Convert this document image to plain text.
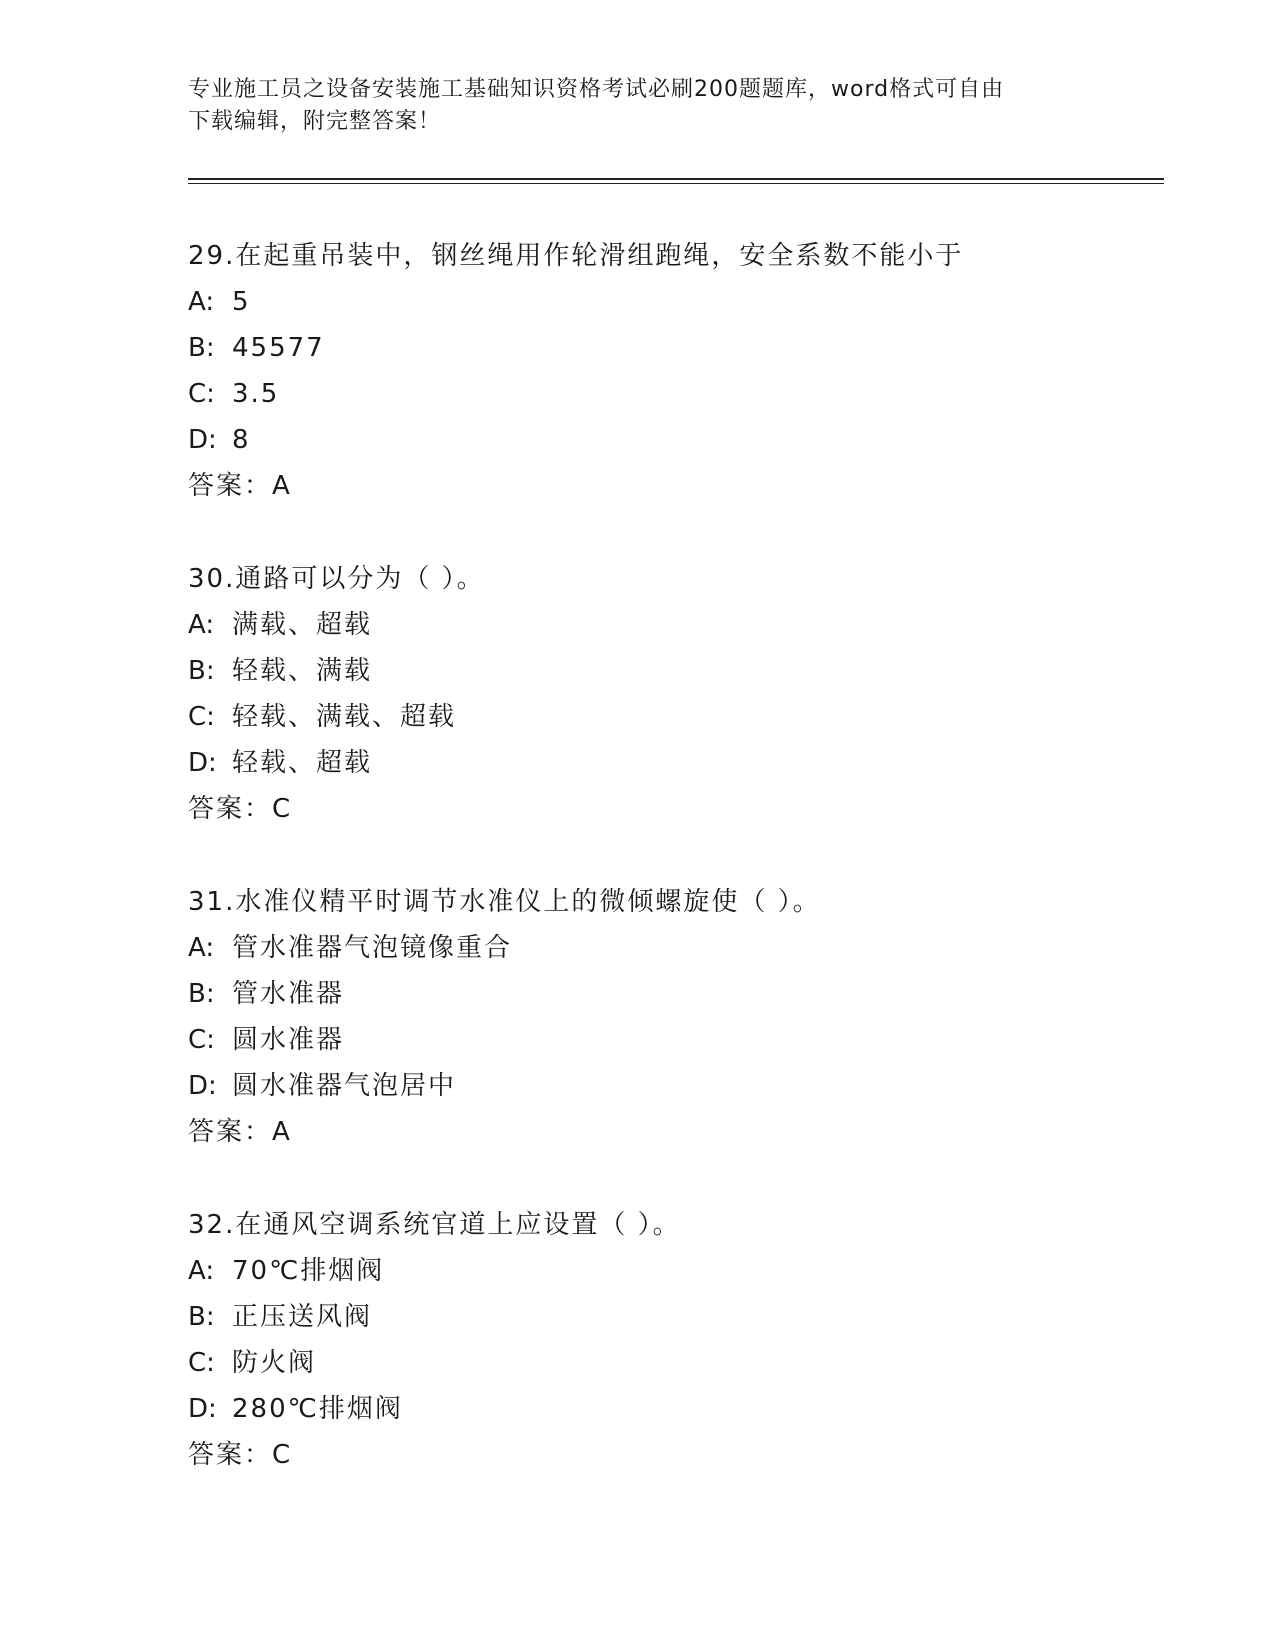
专业施工员之设备安装施工基础知识资格考试必刷200题题库，word格式可自由
下载编辑，附完整答案！
29.在起重吊装中，钢丝绳用作轮滑组跑绳，安全系数不能小于
A: 5
B: 45577
C: 3.5
D: 8
答案：A
30.通路可以分为（ ）。
A: 满载、超载
B: 轻载、满载
C: 轻载、满载、超载
D: 轻载、超载
答案：C
31.水准仪精平时调节水准仪上的微倾螺旋使（ ）。
A: 管水准器气泡镜像重合
B: 管水准器
C: 圆水准器
D: 圆水准器气泡居中
答案：A
32.在通风空调系统官道上应设置（ ）。
A: 70℃排烟阀
B: 正压送风阀
C: 防火阀
D: 280℃排烟阀
答案：C
